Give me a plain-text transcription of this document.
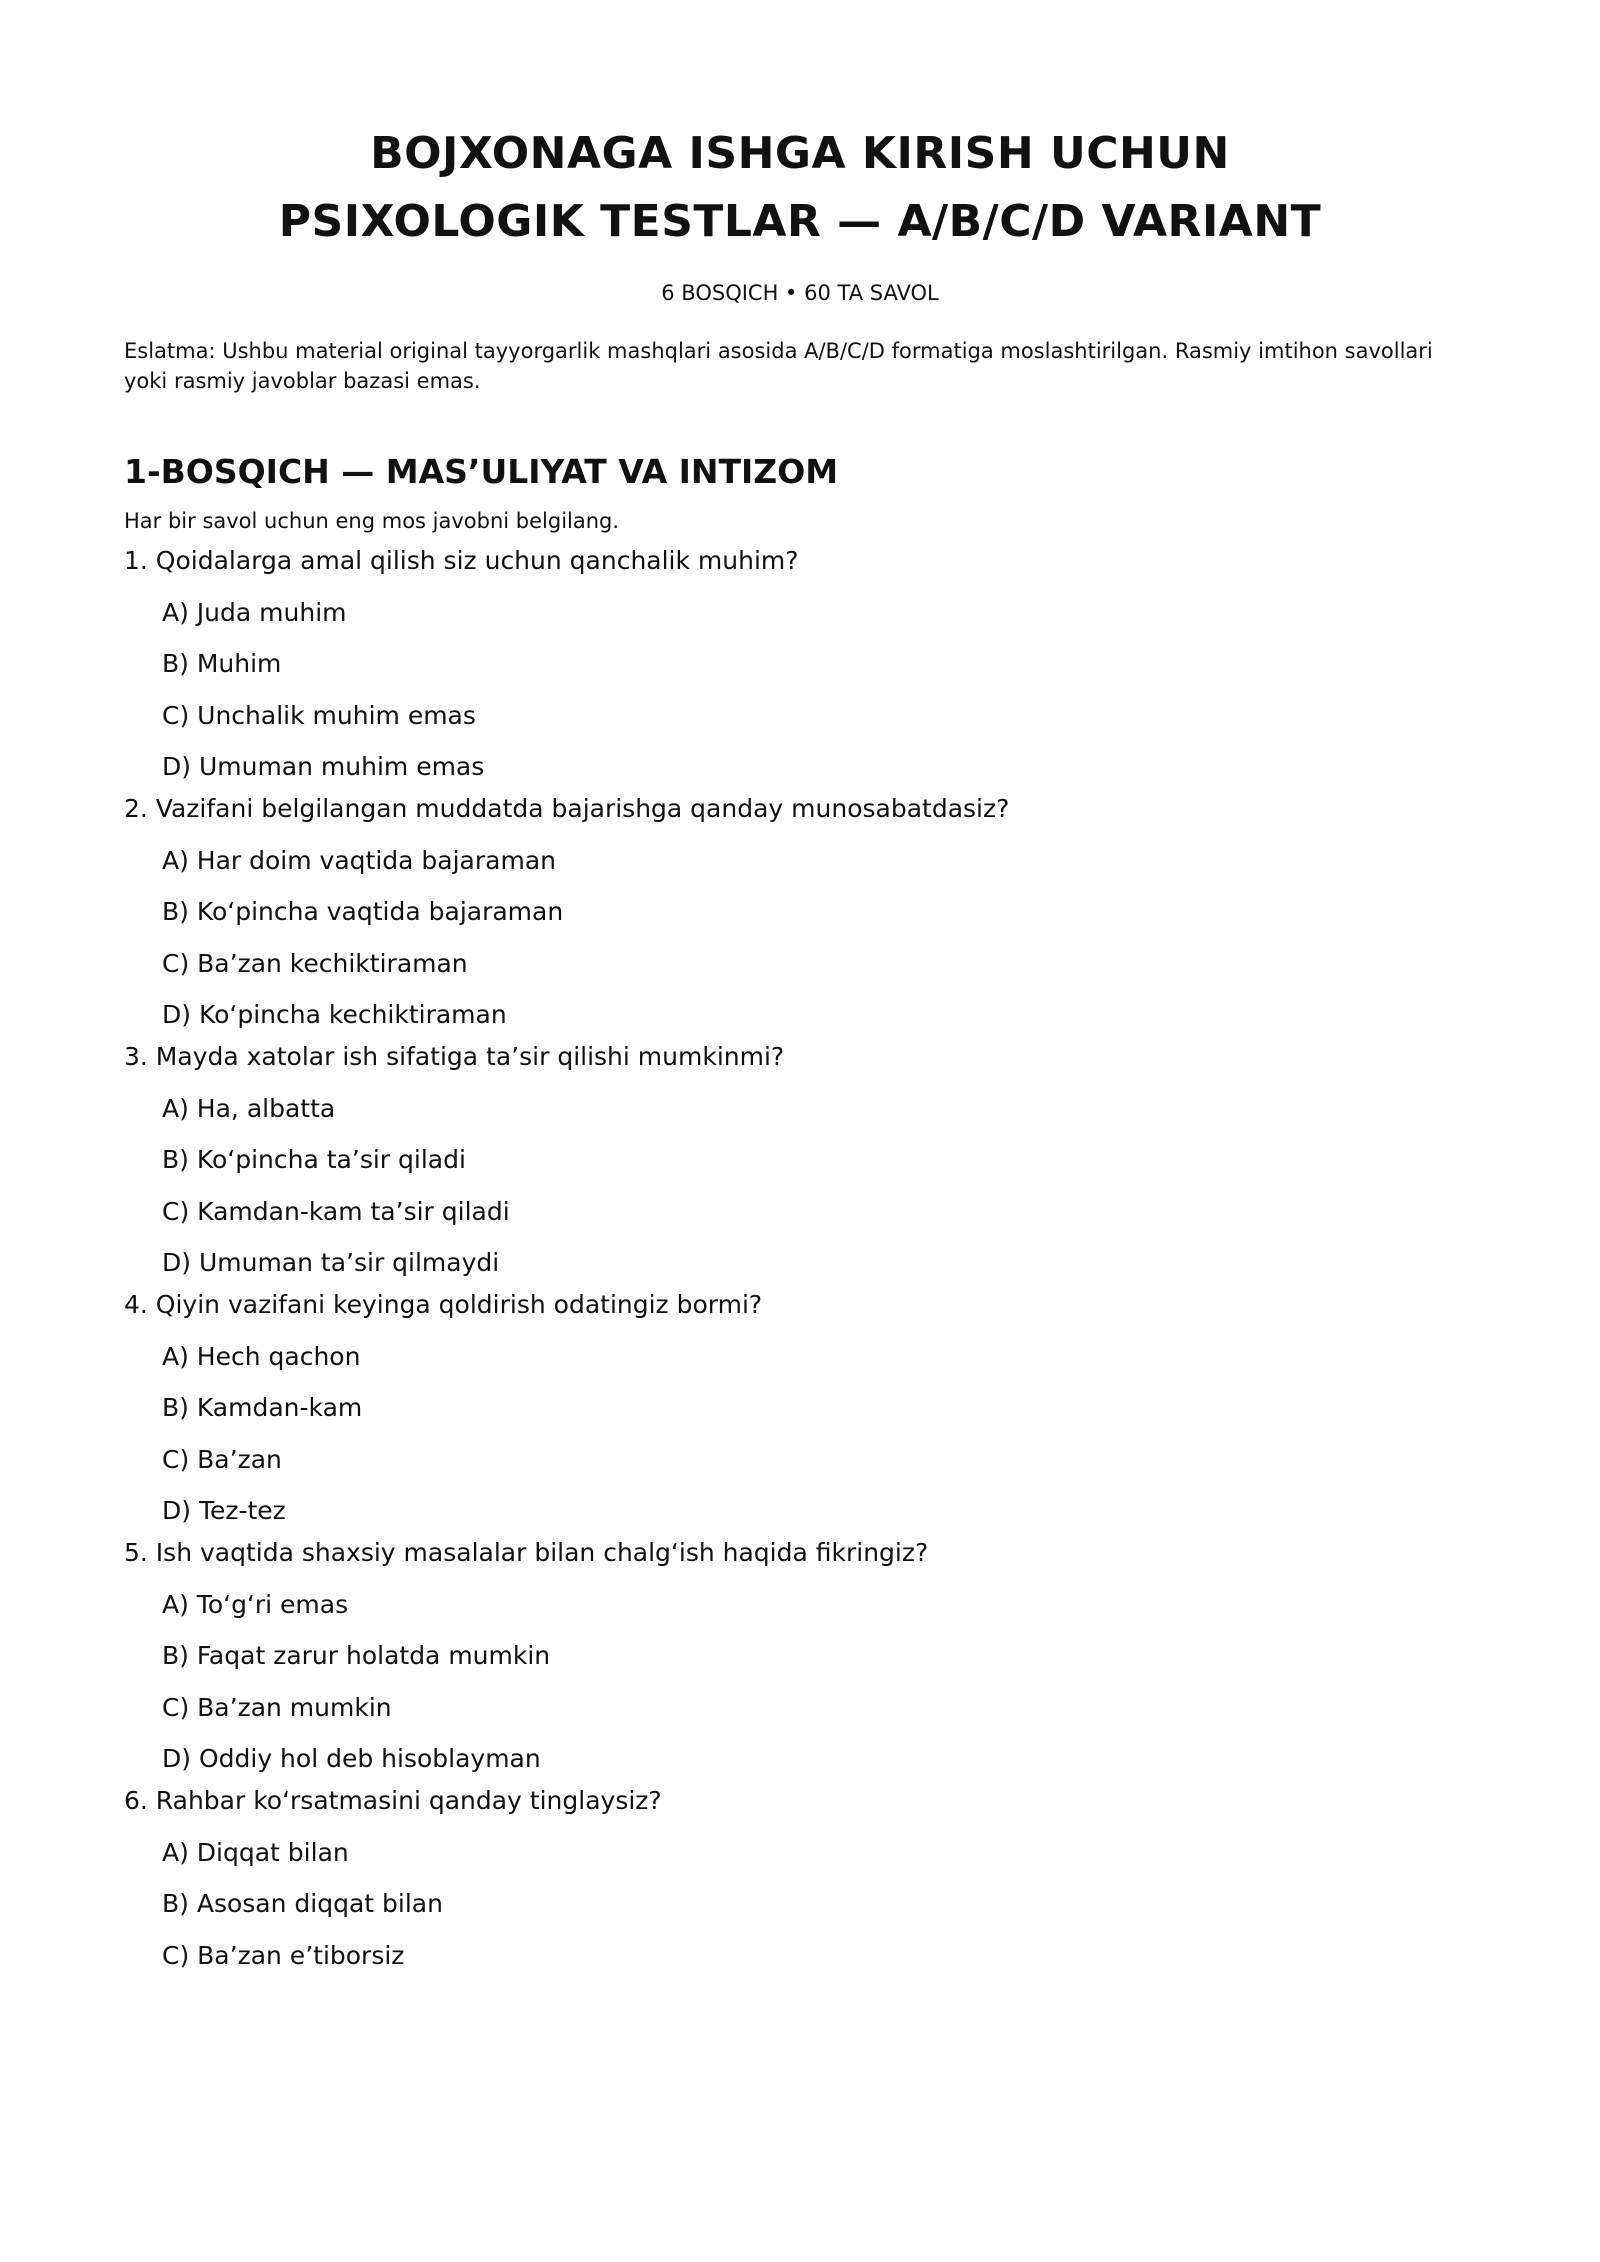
BOJXONAGA ISHGA KIRISH UCHUN
PSIXOLOGIK TESTLAR — A/B/C/D VARIANT
6 BOSQICH • 60 TA SAVOL
Eslatma: Ushbu material original tayyorgarlik mashqlari asosida A/B/C/D formatiga moslashtirilgan. Rasmiy imtihon savollari yoki rasmiy javoblar bazasi emas.
1-BOSQICH — MAS’ULIYAT VA INTIZOM
Har bir savol uchun eng mos javobni belgilang.
1. Qoidalarga amal qilish siz uchun qanchalik muhim?
A) Juda muhim
B) Muhim
C) Unchalik muhim emas
D) Umuman muhim emas
2. Vazifani belgilangan muddatda bajarishga qanday munosabatdasiz?
A) Har doim vaqtida bajaraman
B) Ko‘pincha vaqtida bajaraman
C) Ba’zan kechiktiraman
D) Ko‘pincha kechiktiraman
3. Mayda xatolar ish sifatiga ta’sir qilishi mumkinmi?
A) Ha, albatta
B) Ko‘pincha ta’sir qiladi
C) Kamdan-kam ta’sir qiladi
D) Umuman ta’sir qilmaydi
4. Qiyin vazifani keyinga qoldirish odatingiz bormi?
A) Hech qachon
B) Kamdan-kam
C) Ba’zan
D) Tez-tez
5. Ish vaqtida shaxsiy masalalar bilan chalg‘ish haqida fikringiz?
A) To‘g‘ri emas
B) Faqat zarur holatda mumkin
C) Ba’zan mumkin
D) Oddiy hol deb hisoblayman
6. Rahbar ko‘rsatmasini qanday tinglaysiz?
A) Diqqat bilan
B) Asosan diqqat bilan
C) Ba’zan e’tiborsiz
